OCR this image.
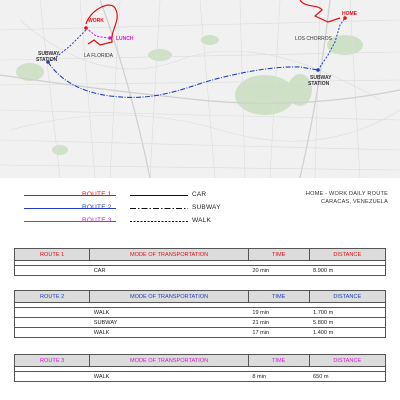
WORK
LUNCH
HOME
LA FLORIDA
LOS CHORROS
SUBWAY STATION
SUBWAY STATION
ROUTE 1
ROUTE 2
ROUTE 3
CAR
SUBWAY
WALK
HOME - WORK DAILY ROUTE
CARACAS, VENEZUELA
ROUTE 1	MODE OF TRANSPORTATION	TIME	DISTANCE

	CAR	20 min	8.900 m
ROUTE 2	MODE OF TRANSPORTATION	TIME	DISTANCE

	WALK	19 min	1.700 m
	SUBWAY	21 min	5.800 m
	WALK	17 min	1.400 m
ROUTE 3	MODE OF TRANSPORTATION	TIME	DISTANCE

	WALK	8 min	650 m
